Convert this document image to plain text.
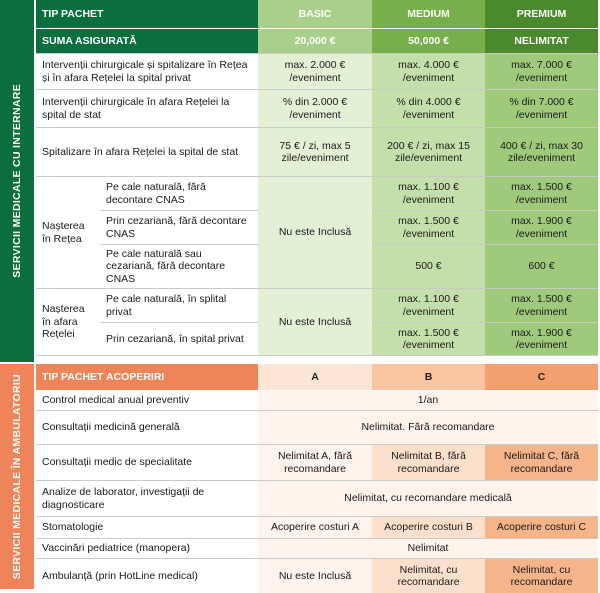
SERVICII MEDICALE CU INTERNARE
SERVICII MEDICALE ÎN AMBULATORIU
TIP PACHET		BASIC	MEDIUM	PREMIUM
SUMA ASIGURATĂ		20,000 €	50,000 €	NELIMITAT
Intervenții chirurgicale și spitalizare în Rețea și în afara Rețelei la spital privat		max. 2.000 € /eveniment	max. 4.000 € /eveniment	max. 7.000 € /eveniment
Intervenții chirurgicale în afara Rețelei la spital de stat		% din 2.000 € /eveniment	% din 4.000 € /eveniment	% din 7.000 € /eveniment
Spitalizare în afara Rețelei la spital de stat		75 € / zi, max 5 zile/eveniment	200 € / zi, max 15 zile/eveniment	400 € / zi, max 30 zile/eveniment
Nașterea în Rețea	Pe cale naturală, fără decontare CNAS	Nu este Inclusă	max. 1.100 € /eveniment	max. 1.500 € /eveniment
	Prin cezariană, fără decontare CNAS		max. 1.500 € /eveniment	max. 1.900 € /eveniment
	Pe cale naturală sau cezariană, fără decontare CNAS		500 €	600 €
Nașterea în afara Rețelei	Pe cale naturală, în splital privat	Nu este Inclusă	max. 1.100 € /eveniment	max. 1.500 € /eveniment
	Prin cezariană, în spital privat		max. 1.500 € /eveniment	max. 1.900 € /eveniment
TIP PACHET ACOPERIRI	A	B	C
Control medical anual preventiv	1/an		
Consultații medicină generală	Nelimitat. Fără recomandare		
Consultații medic de specialitate	Nelimitat A, fără recomandare	Nelimitat B, fără recomandare	Nelimitat C, fără recomandare
Analize de laborator, investigații de diagnosticare	Nelimitat, cu recomandare medicală		
Stomatologie	Acoperire costuri A	Acoperire costuri B	Acoperire costuri C
Vaccinări pediatrice (manopera)	Nelimitat		
Ambulanță (prin HotLine medical)	Nu este Inclusă	Nelimitat, cu recomandare	Nelimitat, cu recomandare
